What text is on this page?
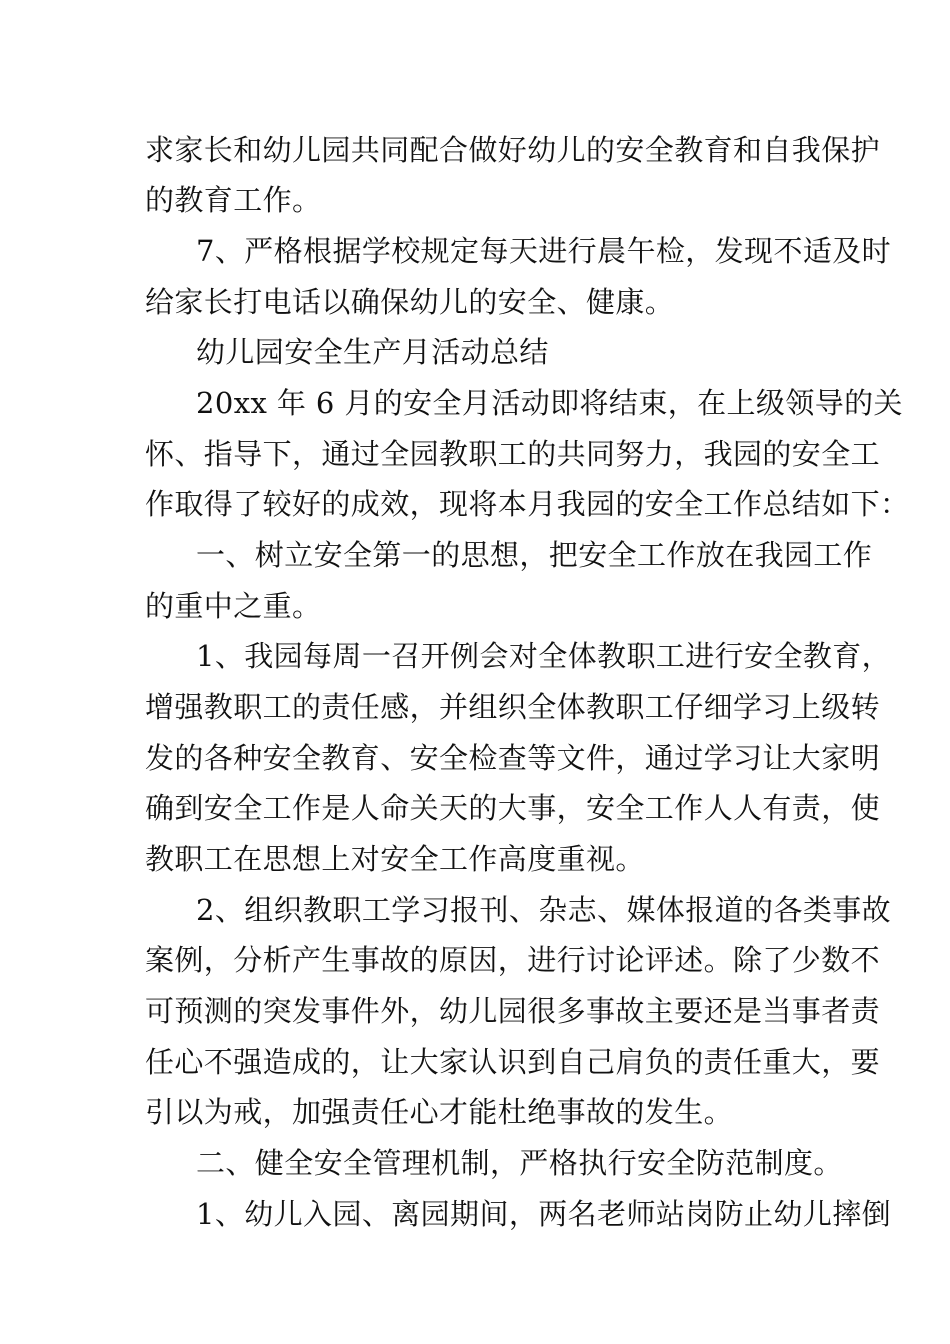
求家长和幼儿园共同配合做好幼儿的安全教育和自我保护
的教育工作。
7、严格根据学校规定每天进行晨午检，发现不适及时
给家长打电话以确保幼儿的安全、健康。
幼儿园安全生产月活动总结
20xx 年 6 月的安全月活动即将结束，在上级领导的关
怀、指导下，通过全园教职工的共同努力，我园的安全工
作取得了较好的成效，现将本月我园的安全工作总结如下：
一、树立安全第一的思想，把安全工作放在我园工作
的重中之重。
1、我园每周一召开例会对全体教职工进行安全教育，
增强教职工的责任感，并组织全体教职工仔细学习上级转
发的各种安全教育、安全检查等文件，通过学习让大家明
确到安全工作是人命关天的大事，安全工作人人有责，使
教职工在思想上对安全工作高度重视。
2、组织教职工学习报刊、杂志、媒体报道的各类事故
案例，分析产生事故的原因，进行讨论评述。除了少数不
可预测的突发事件外，幼儿园很多事故主要还是当事者责
任心不强造成的，让大家认识到自己肩负的责任重大，要
引以为戒，加强责任心才能杜绝事故的发生。
二、健全安全管理机制，严格执行安全防范制度。
1、幼儿入园、离园期间，两名老师站岗防止幼儿摔倒
